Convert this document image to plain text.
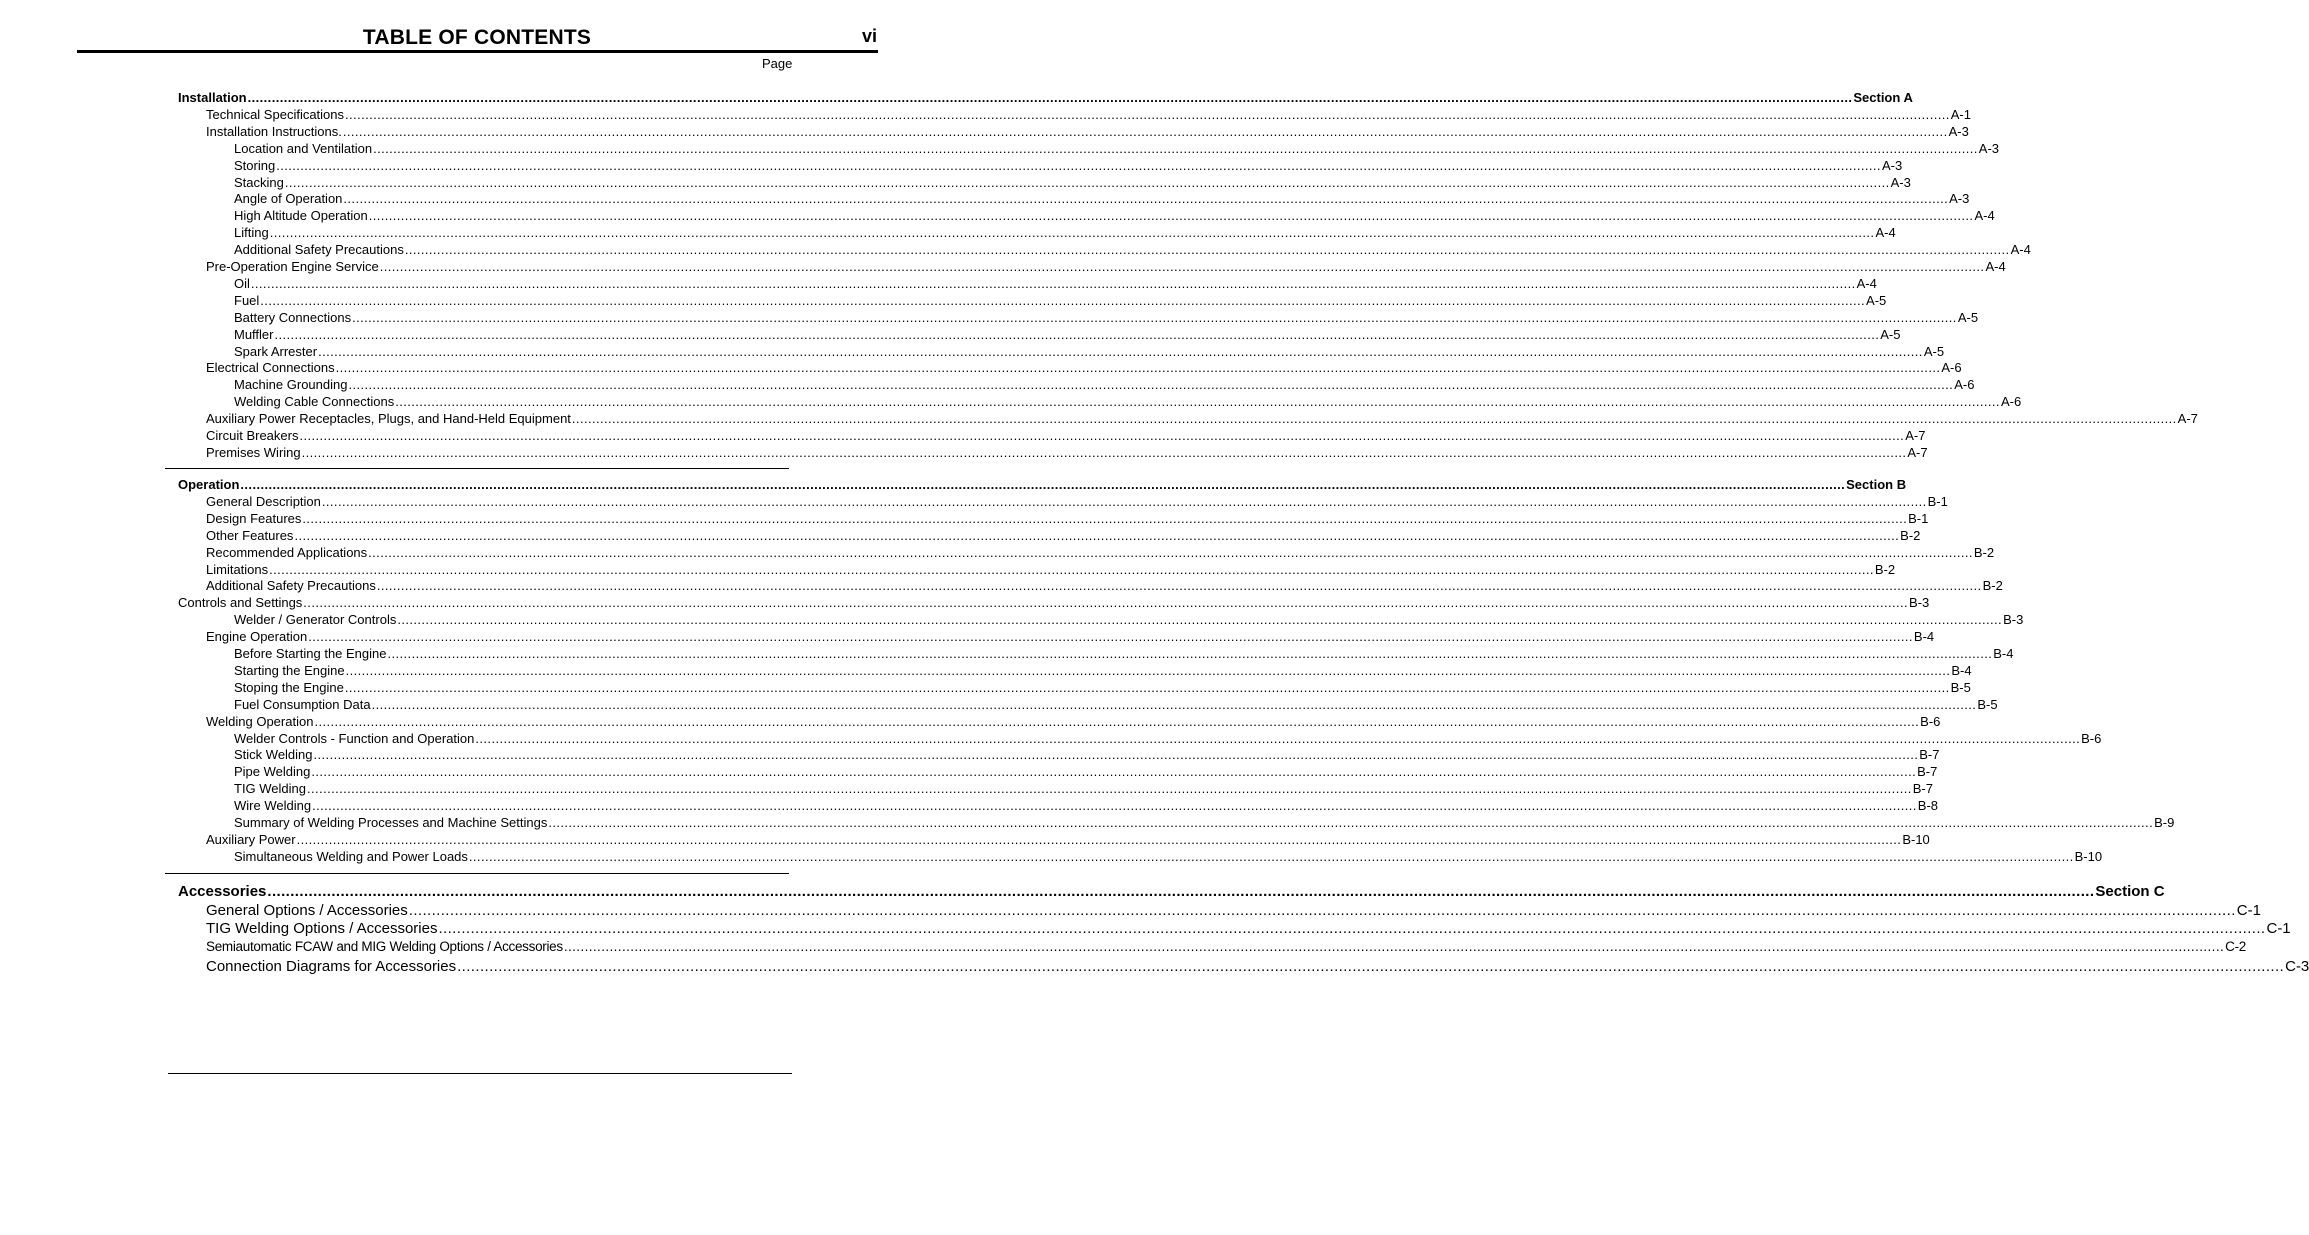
TABLE OF CONTENTS	vi
Page
Installation ................................................................................................................................................................................................................................................................................................................................................................................................................ Section A
Technical Specifications ................................................................................................................................................................................................................................................................................................................................................................................................................ A-1
Installation Instructions. ................................................................................................................................................................................................................................................................................................................................................................................................................ A-3
Location and Ventilation ................................................................................................................................................................................................................................................................................................................................................................................................................ A-3
Storing ................................................................................................................................................................................................................................................................................................................................................................................................................ A-3
Stacking ................................................................................................................................................................................................................................................................................................................................................................................................................ A-3
Angle of Operation ................................................................................................................................................................................................................................................................................................................................................................................................................ A-3
High Altitude Operation ................................................................................................................................................................................................................................................................................................................................................................................................................ A-4
Lifting ................................................................................................................................................................................................................................................................................................................................................................................................................ A-4
Additional Safety Precautions ................................................................................................................................................................................................................................................................................................................................................................................................................ A-4
Pre-Operation Engine Service ................................................................................................................................................................................................................................................................................................................................................................................................................ A-4
Oil ................................................................................................................................................................................................................................................................................................................................................................................................................ A-4
Fuel ................................................................................................................................................................................................................................................................................................................................................................................................................ A-5
Battery Connections ................................................................................................................................................................................................................................................................................................................................................................................................................ A-5
Muffler ................................................................................................................................................................................................................................................................................................................................................................................................................ A-5
Spark Arrester ................................................................................................................................................................................................................................................................................................................................................................................................................ A-5
Electrical Connections ................................................................................................................................................................................................................................................................................................................................................................................................................ A-6
Machine Grounding ................................................................................................................................................................................................................................................................................................................................................................................................................ A-6
Welding Cable Connections ................................................................................................................................................................................................................................................................................................................................................................................................................ A-6
Auxiliary Power Receptacles, Plugs, and Hand-Held Equipment ................................................................................................................................................................................................................................................................................................................................................................................................................ A-7
Circuit Breakers ................................................................................................................................................................................................................................................................................................................................................................................................................ A-7
Premises Wiring ................................................................................................................................................................................................................................................................................................................................................................................................................ A-7
Operation ................................................................................................................................................................................................................................................................................................................................................................................................................ Section B
General Description ................................................................................................................................................................................................................................................................................................................................................................................................................ B-1
Design Features ................................................................................................................................................................................................................................................................................................................................................................................................................ B-1
Other Features ................................................................................................................................................................................................................................................................................................................................................................................................................ B-2
Recommended Applications ................................................................................................................................................................................................................................................................................................................................................................................................................ B-2
Limitations ................................................................................................................................................................................................................................................................................................................................................................................................................ B-2
Additional Safety Precautions ................................................................................................................................................................................................................................................................................................................................................................................................................ B-2
Controls and Settings ................................................................................................................................................................................................................................................................................................................................................................................................................ B-3
Welder / Generator Controls ................................................................................................................................................................................................................................................................................................................................................................................................................ B-3
Engine Operation ................................................................................................................................................................................................................................................................................................................................................................................................................ B-4
Before Starting the Engine ................................................................................................................................................................................................................................................................................................................................................................................................................ B-4
Starting the Engine ................................................................................................................................................................................................................................................................................................................................................................................................................ B-4
Stoping the Engine ................................................................................................................................................................................................................................................................................................................................................................................................................ B-5
Fuel Consumption Data ................................................................................................................................................................................................................................................................................................................................................................................................................ B-5
Welding Operation ................................................................................................................................................................................................................................................................................................................................................................................................................ B-6
Welder Controls - Function and Operation ................................................................................................................................................................................................................................................................................................................................................................................................................ B-6
Stick Welding ................................................................................................................................................................................................................................................................................................................................................................................................................ B-7
Pipe Welding ................................................................................................................................................................................................................................................................................................................................................................................................................ B-7
TIG Welding ................................................................................................................................................................................................................................................................................................................................................................................................................ B-7
Wire Welding ................................................................................................................................................................................................................................................................................................................................................................................................................ B-8
Summary of Welding Processes and Machine Settings ................................................................................................................................................................................................................................................................................................................................................................................................................ B-9
Auxiliary Power ................................................................................................................................................................................................................................................................................................................................................................................................................ B-10
Simultaneous Welding and Power Loads ................................................................................................................................................................................................................................................................................................................................................................................................................ B-10
Accessories ................................................................................................................................................................................................................................................................................................................................................................................................................ Section C
General Options / Accessories ................................................................................................................................................................................................................................................................................................................................................................................................................ C-1
TIG Welding Options / Accessories ................................................................................................................................................................................................................................................................................................................................................................................................................ C-1
Semiautomatic FCAW and MIG Welding Options / Accessories ................................................................................................................................................................................................................................................................................................................................................................................................................ C-2
Connection Diagrams for Accessories ................................................................................................................................................................................................................................................................................................................................................................................................................ C-3
